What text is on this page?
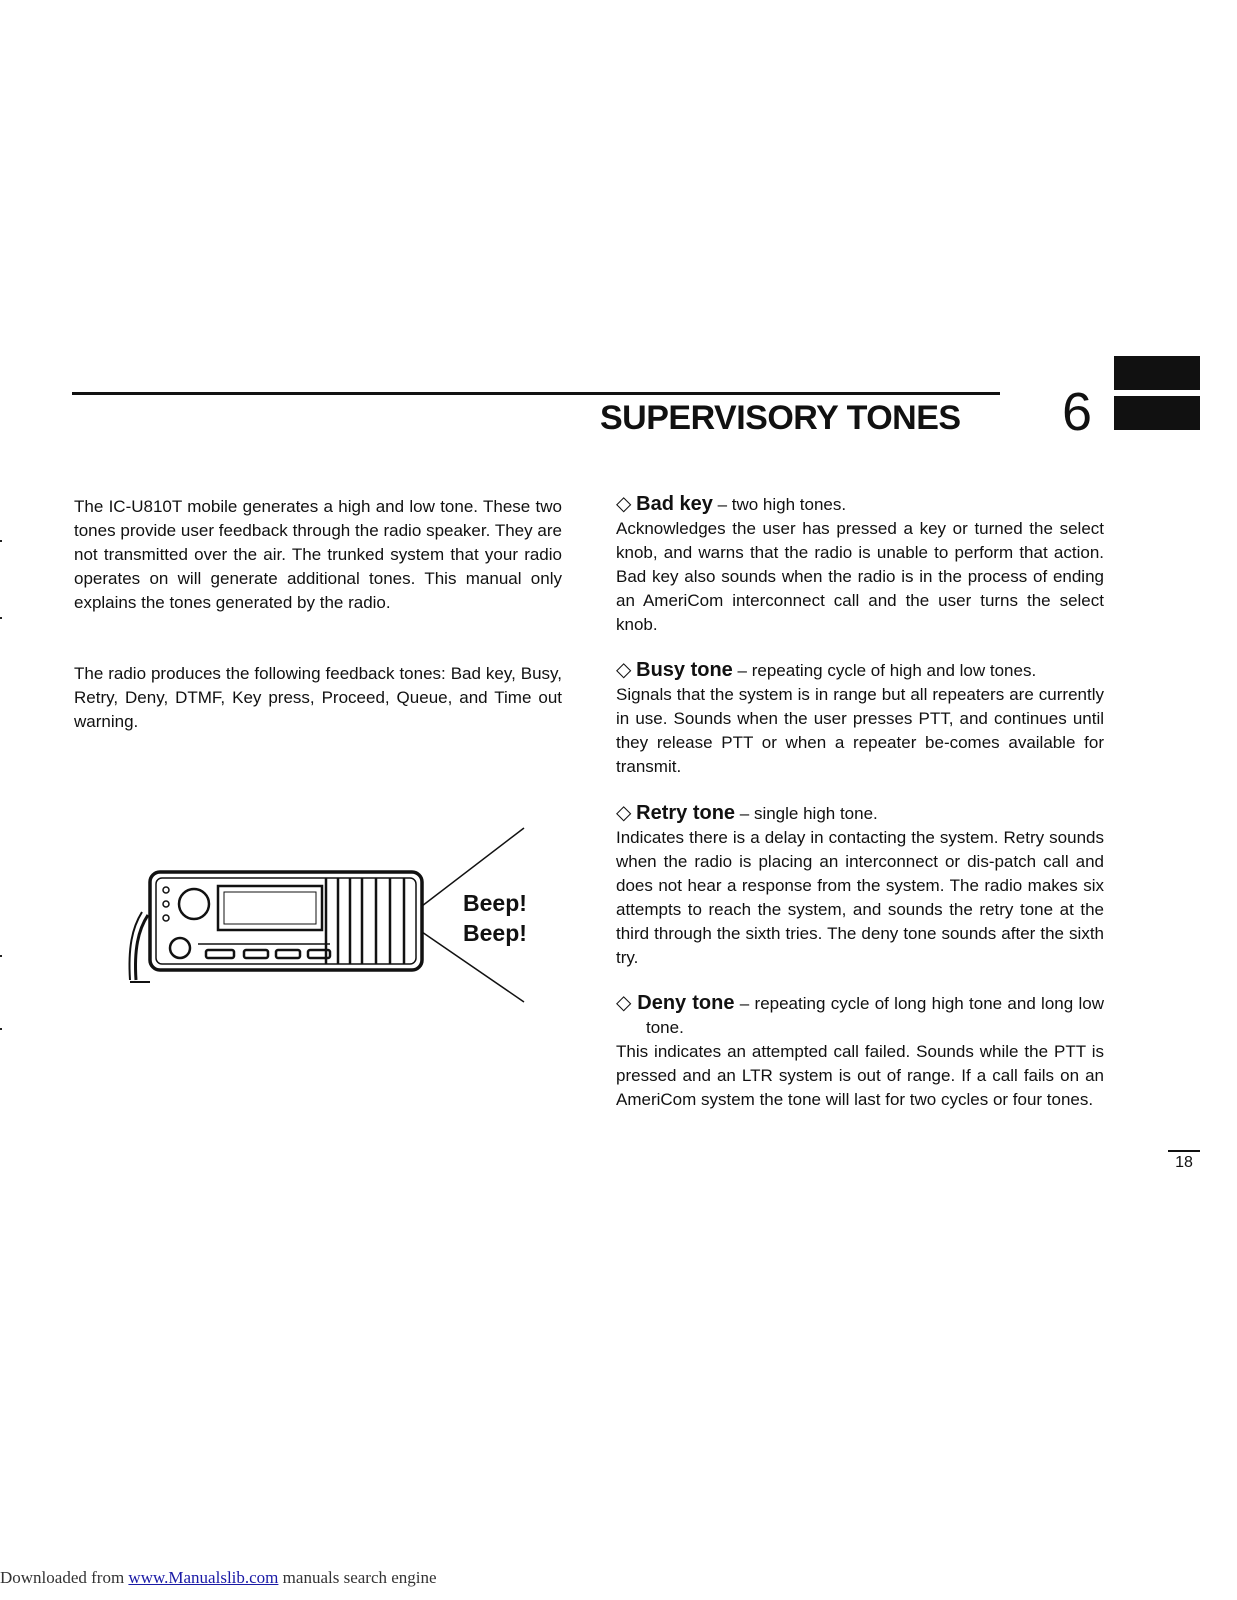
SUPERVISORY TONES	6

The IC-U810T mobile generates a high and low tone. These two tones provide user feedback through the radio speaker. They are not transmitted over the air. The trunked system that your radio operates on will generate additional tones. This manual only explains the tones generated by the radio.

The radio produces the following feedback tones: Bad key, Busy, Retry, Deny, DTMF, Key press, Proceed, Queue, and Time out warning.

Beep!
Beep!

◇ Bad key – two high tones.

Acknowledges the user has pressed a key or turned the select knob, and warns that the radio is unable to perform that action. Bad key also sounds when the radio is in the process of ending an AmeriCom interconnect call and the user turns the select knob.

◇ Busy tone – repeating cycle of high and low tones.

Signals that the system is in range but all repeaters are currently in use. Sounds when the user presses PTT, and continues until they release PTT or when a repeater be-comes available for transmit.

◇ Retry tone – single high tone.

Indicates there is a delay in contacting the system. Retry sounds when the radio is placing an interconnect or dis-patch call and does not hear a response from the system. The radio makes six attempts to reach the system, and sounds the retry tone at the third through the sixth tries. The deny tone sounds after the sixth try.

◇ Deny tone – repeating cycle of long high tone and long low tone.

This indicates an attempted call failed. Sounds while the PTT is pressed and an LTR system is out of range. If a call fails on an AmeriCom system the tone will last for two cycles or four tones.

18
Downloaded from www.Manualslib.com manuals search engine
